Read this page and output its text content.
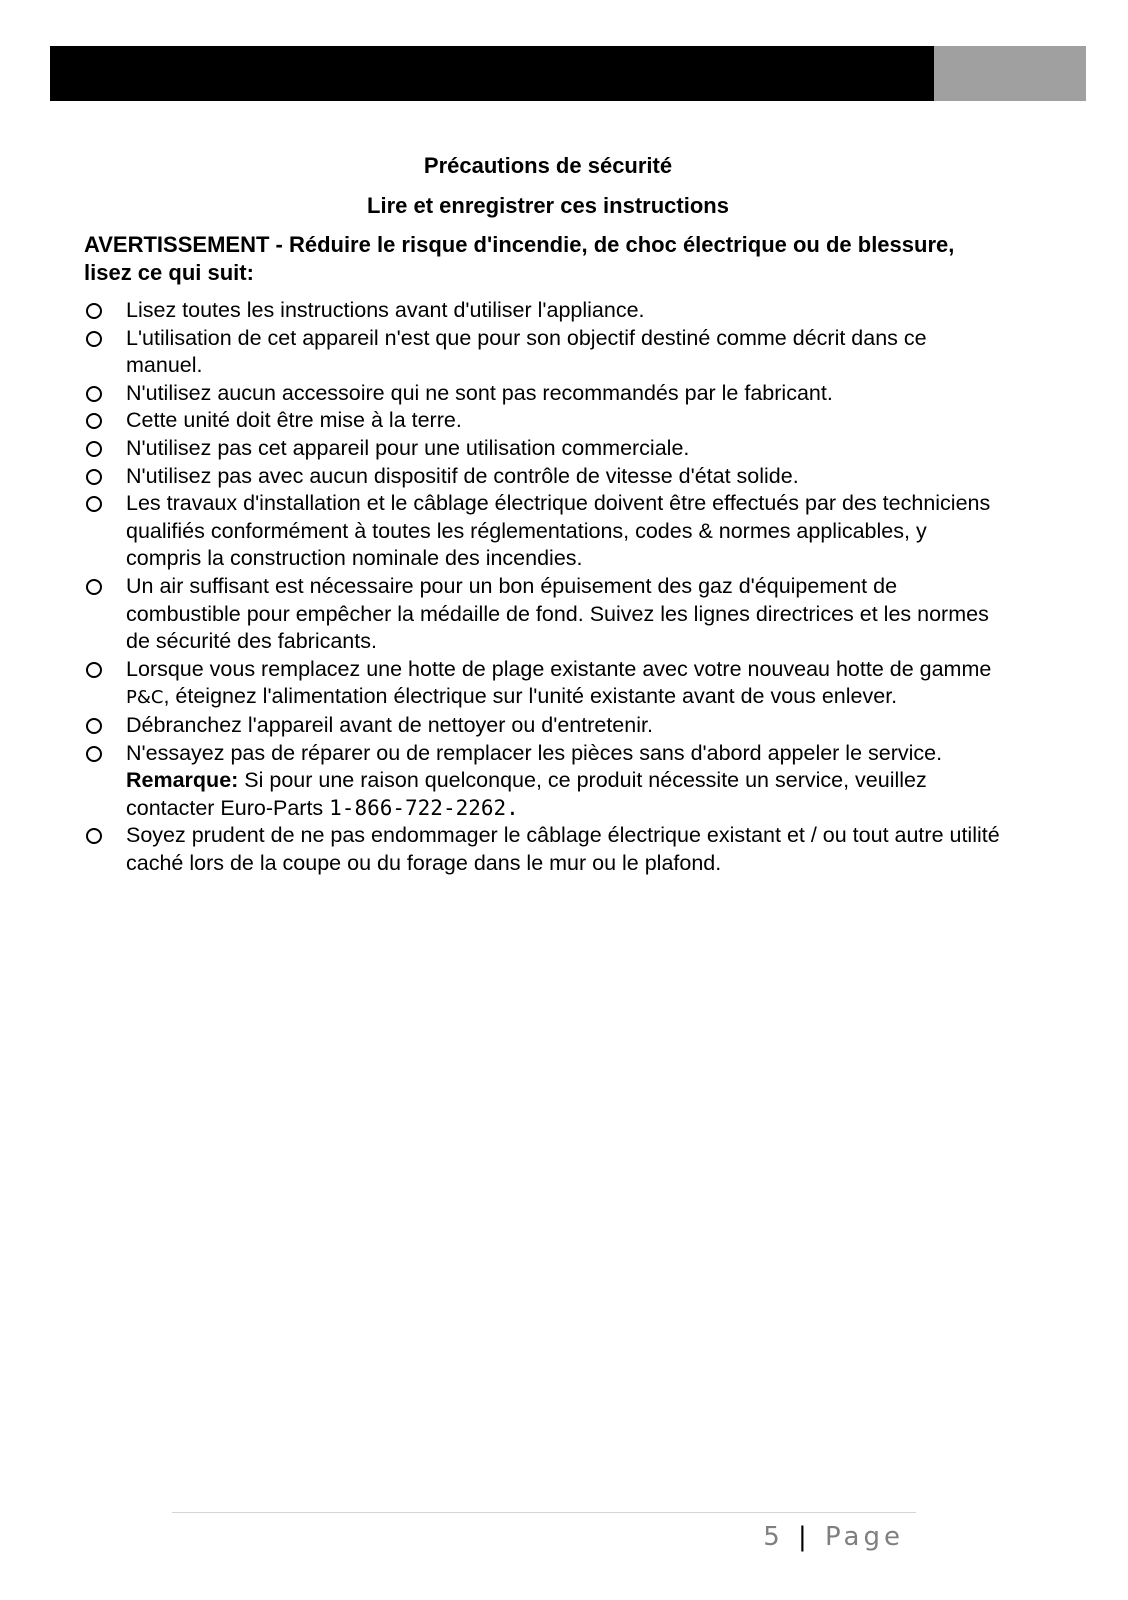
Précautions de sécurité
Lire et enregistrer ces instructions

AVERTISSEMENT - Réduire le risque d'incendie, de choc électrique ou de blessure, lisez ce qui suit:

Lisez toutes les instructions avant d'utiliser l'appliance.
L'utilisation de cet appareil n'est que pour son objectif destiné comme décrit dans ce manuel.
N'utilisez aucun accessoire qui ne sont pas recommandés par le fabricant.
Cette unité doit être mise à la terre.
N'utilisez pas cet appareil pour une utilisation commerciale.
N'utilisez pas avec aucun dispositif de contrôle de vitesse d'état solide.
Les travaux d'installation et le câblage électrique doivent être effectués par des techniciens qualifiés conformément à toutes les réglementations, codes & normes applicables, y compris la construction nominale des incendies.
Un air suffisant est nécessaire pour un bon épuisement des gaz d'équipement de combustible pour empêcher la médaille de fond. Suivez les lignes directrices et les normes de sécurité des fabricants.
Lorsque vous remplacez une hotte de plage existante avec votre nouveau hotte de gamme P&C, éteignez l'alimentation électrique sur l'unité existante avant de vous enlever.
Débranchez l'appareil avant de nettoyer ou d'entretenir.
N'essayez pas de réparer ou de remplacer les pièces sans d'abord appeler le service. Remarque: Si pour une raison quelconque, ce produit nécessite un service, veuillez contacter Euro-Parts 1-866-722-2262.
Soyez prudent de ne pas endommager le câblage électrique existant et / ou tout autre utilité caché lors de la coupe ou du forage dans le mur ou le plafond.
5 | Page
